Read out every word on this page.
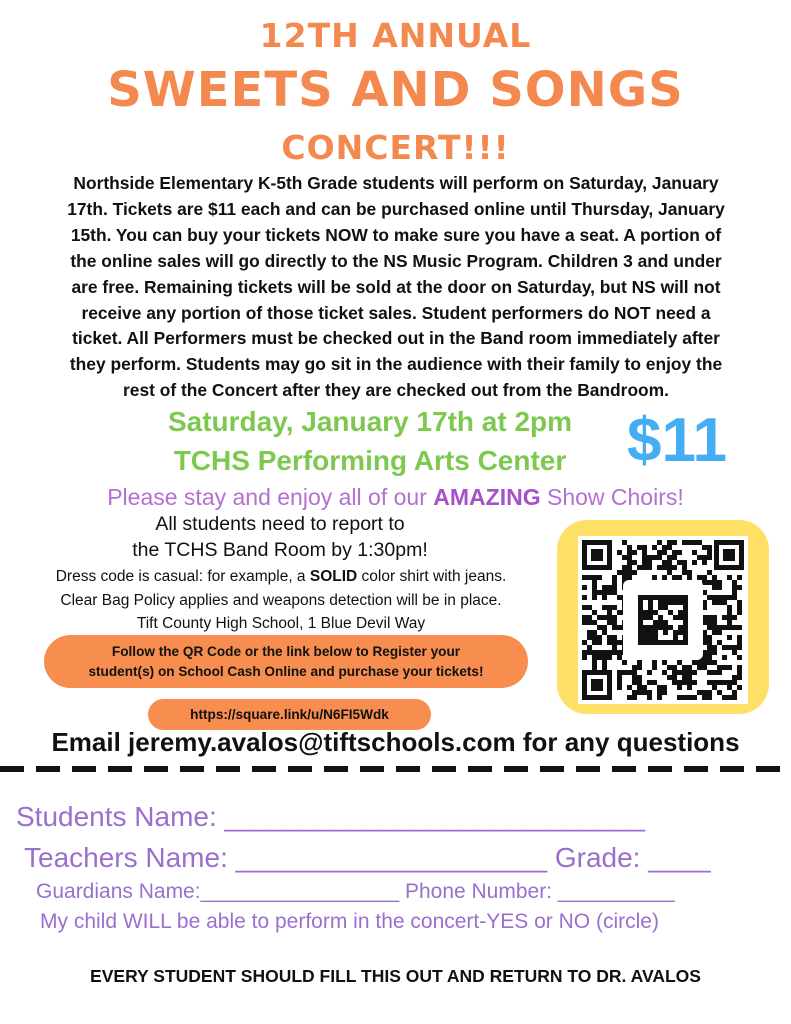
12TH ANNUAL
SWEETS AND SONGS
CONCERT!!!
Northside Elementary K-5th Grade students will perform on Saturday, January
17th. Tickets are $11 each and can be purchased online until Thursday, January
15th. You can buy your tickets NOW to make sure you have a seat. A portion of
the online sales will go directly to the NS Music Program. Children 3 and under
are free. Remaining tickets will be sold at the door on Saturday, but NS will not
receive any portion of those ticket sales. Student performers do NOT need a
ticket. All Performers must be checked out in the Band room immediately after
they perform. Students may go sit in the audience with their family to enjoy the
rest of the Concert after they are checked out from the Bandroom.
Saturday, January 17th at 2pm
TCHS Performing Arts Center $11
Please stay and enjoy all of our AMAZING Show Choirs!
All students need to report to
the TCHS Band Room by 1:30pm!
Dress code is casual: for example, a SOLID color shirt with jeans.
Clear Bag Policy applies and weapons detection will be in place.
Tift County High School, 1 Blue Devil Way
Follow the QR Code or the link below to Register your
student(s) on School Cash Online and purchase your tickets!
https://square.link/u/N6FI5Wdk
Email jeremy.avalos@tiftschools.com for any questions
Students Name: ___________________________
Teachers Name: ____________________ Grade: ____
Guardians Name:_________________ Phone Number: __________
My child WILL be able to perform in the concert-YES or NO (circle)
EVERY STUDENT SHOULD FILL THIS OUT AND RETURN TO DR. AVALOS
